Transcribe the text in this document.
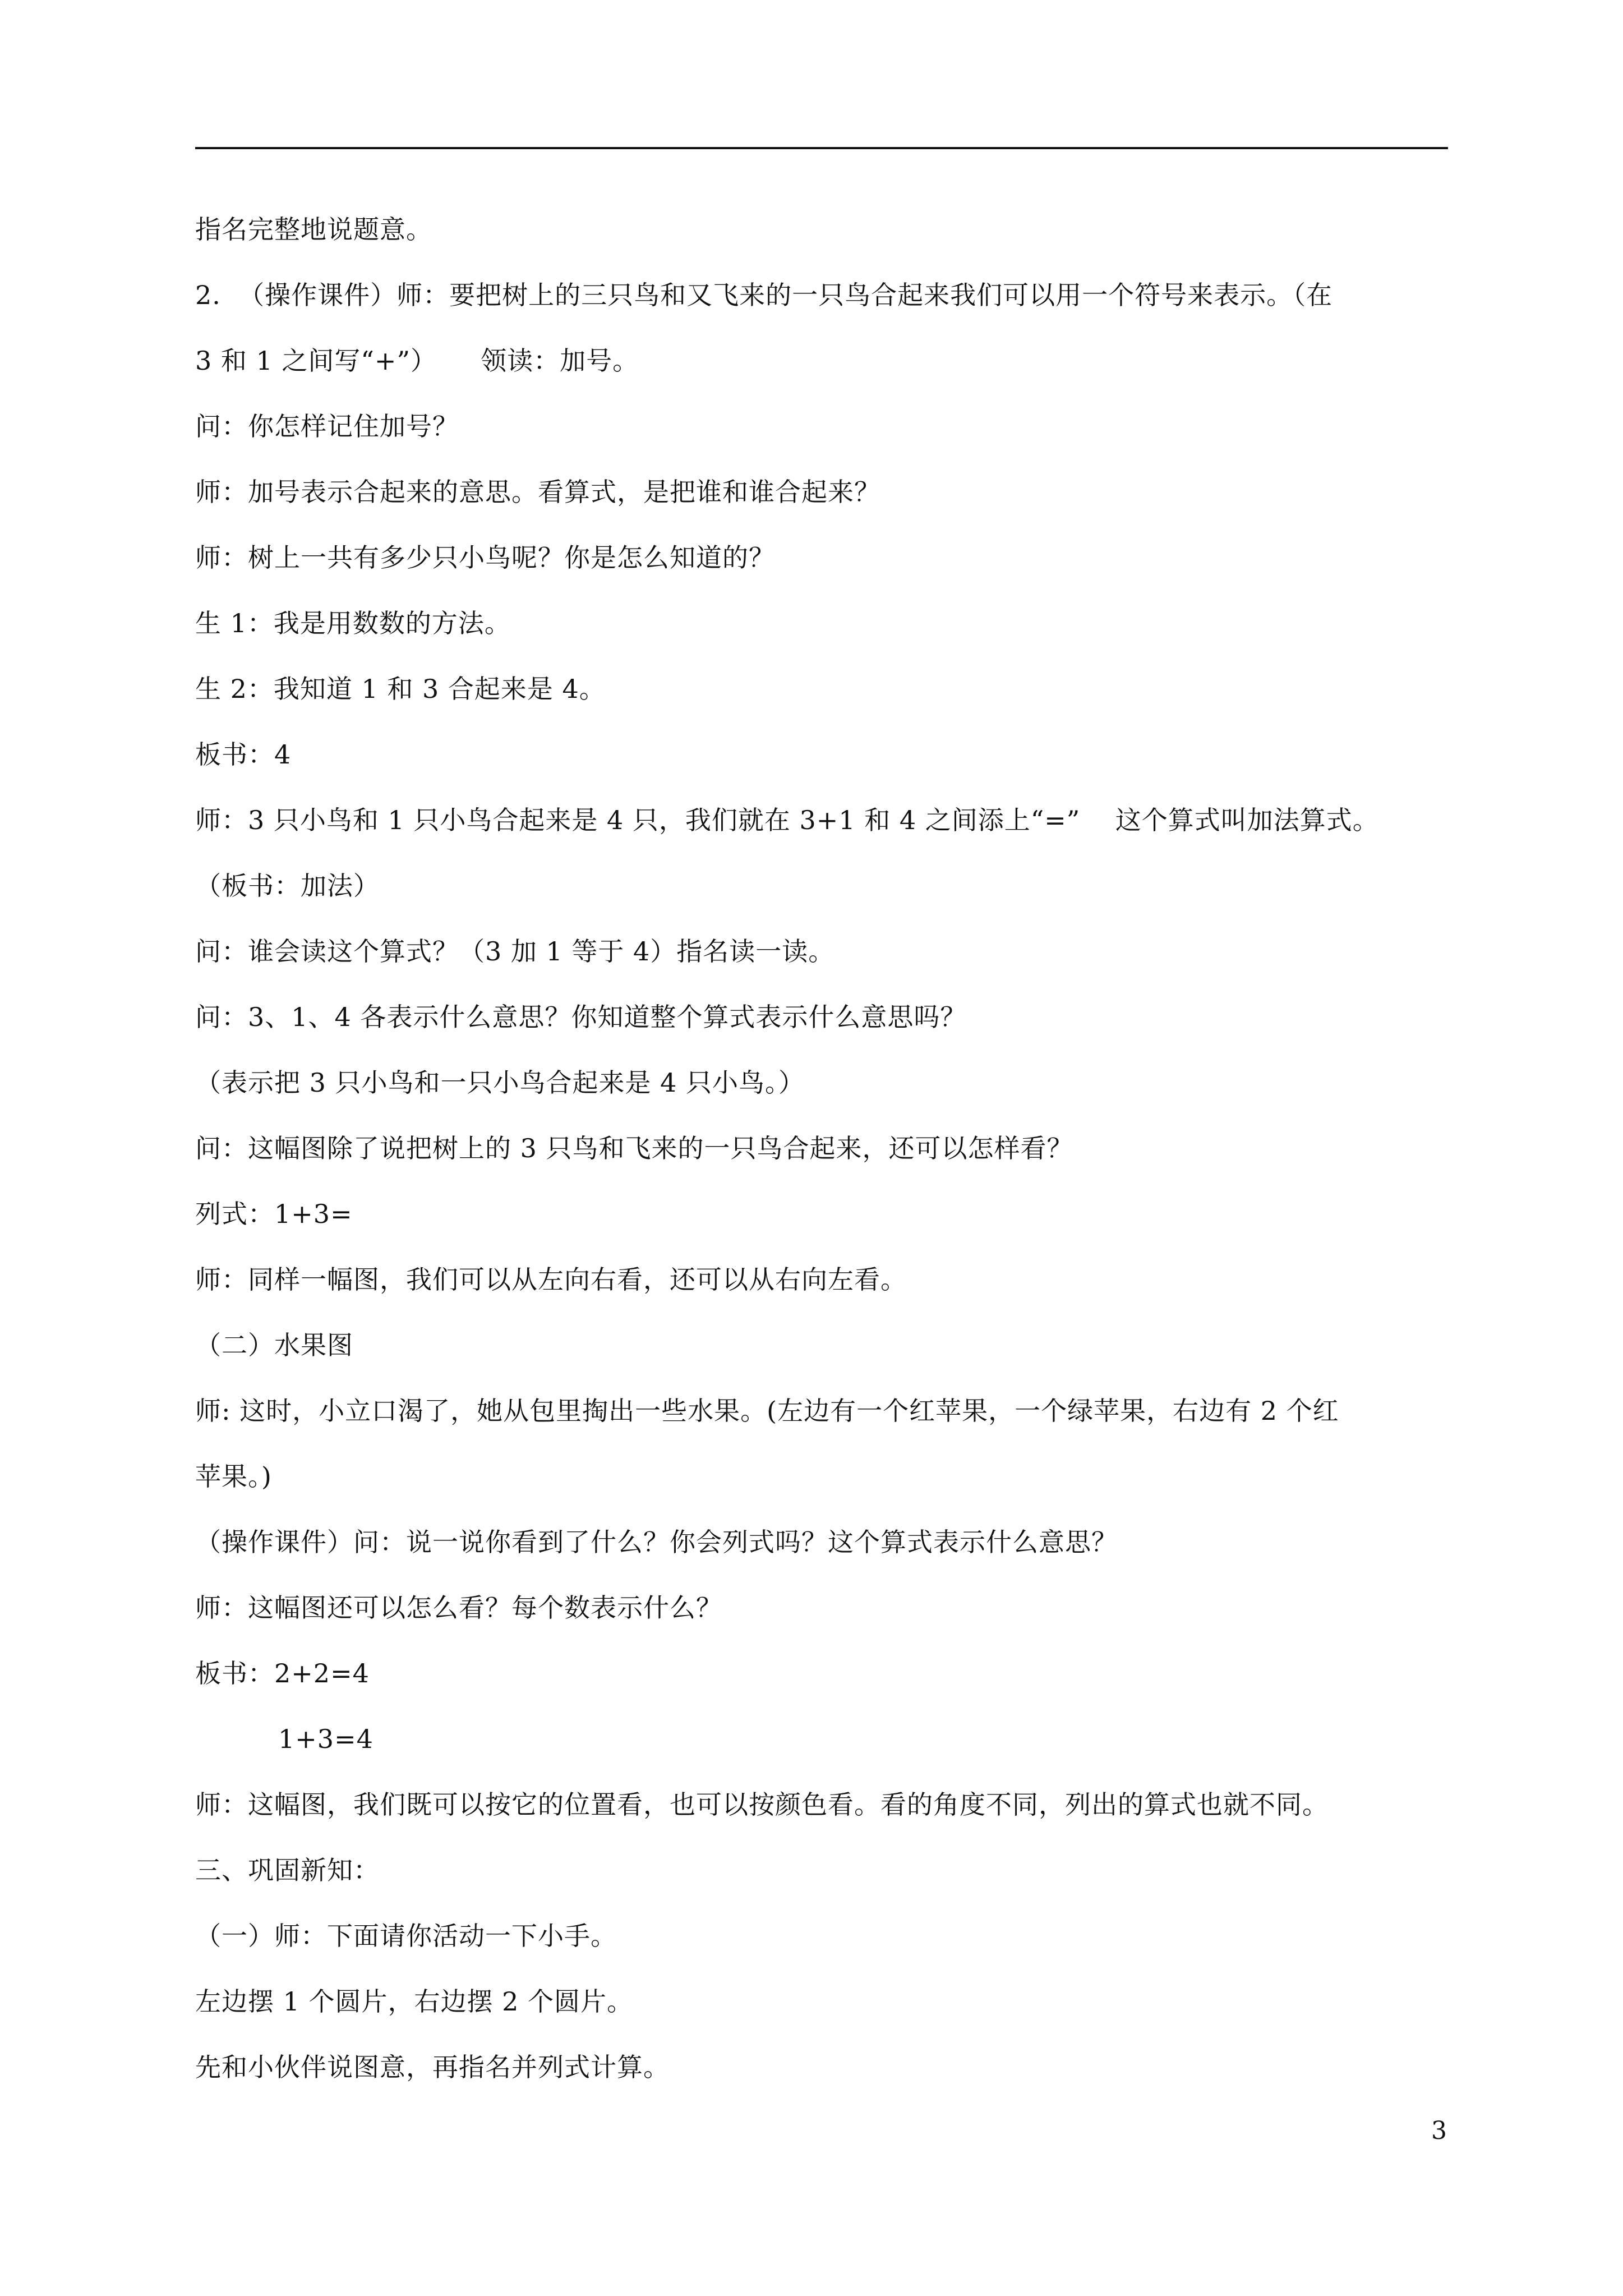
指名完整地说题意。

2.  （操作课件）师：要把树上的三只鸟和又飞来的一只鸟合起来我们可以用一个符号来表示。（在

3 和 1 之间写“+”）     领读：加号。

问：你怎样记住加号？

师：加号表示合起来的意思。看算式，是把谁和谁合起来？

师：树上一共有多少只小鸟呢？你是怎么知道的？

生 1：我是用数数的方法。

生 2：我知道 1 和 3 合起来是 4。

板书：4

师：3 只小鸟和 1 只小鸟合起来是 4 只，我们就在 3+1 和 4 之间添上“=”    这个算式叫加法算式。

（板书：加法）

问：谁会读这个算式？（3 加 1 等于 4）指名读一读。

问：3、1、4 各表示什么意思？你知道整个算式表示什么意思吗？

（表示把 3 只小鸟和一只小鸟合起来是 4 只小鸟。）

问：这幅图除了说把树上的 3 只鸟和飞来的一只鸟合起来，还可以怎样看？

列式：1+3=

师：同样一幅图，我们可以从左向右看，还可以从右向左看。

（二）水果图

师: 这时，小立口渴了，她从包里掏出一些水果。(左边有一个红苹果，一个绿苹果，右边有 2 个红

苹果。)

（操作课件）问：说一说你看到了什么？你会列式吗？这个算式表示什么意思？

师：这幅图还可以怎么看？每个数表示什么？

板书：2+2=4

1+3=4

师：这幅图，我们既可以按它的位置看，也可以按颜色看。看的角度不同，列出的算式也就不同。

三、巩固新知：

（一）师：下面请你活动一下小手。

左边摆 1 个圆片，右边摆 2 个圆片。

先和小伙伴说图意，再指名并列式计算。

3
